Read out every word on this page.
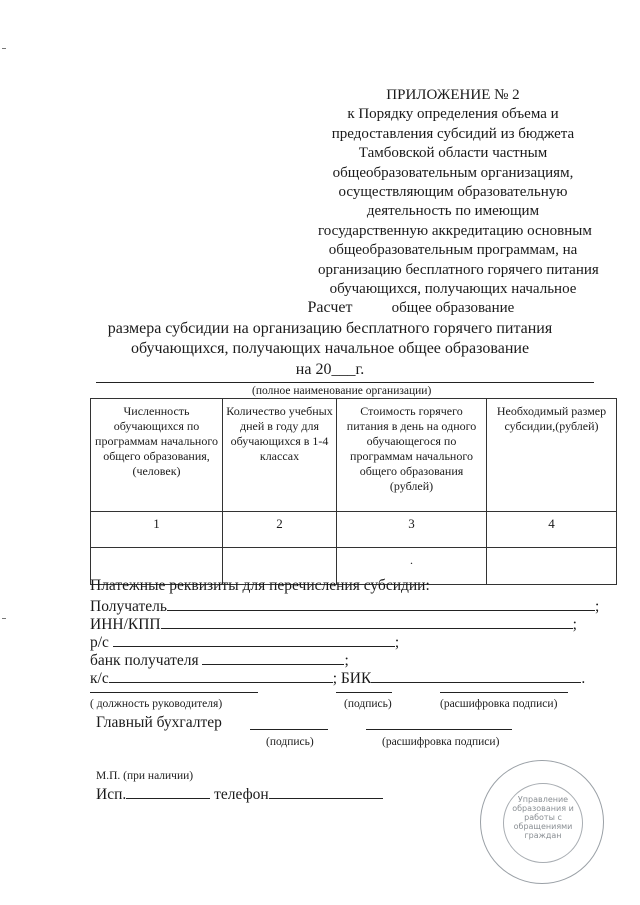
ПРИЛОЖЕНИЕ № 2
к Порядку определения объема и
предоставления субсидий из бюджета
Тамбовской области частным
общеобразовательным организациям,
осуществляющим образовательную
деятельность по имеющим
государственную аккредитацию основным
общеобразовательным программам, на
организацию бесплатного горячего питания
обучающихся, получающих начальное
общее образование
Расчет
размера субсидии на организацию бесплатного горячего питания
обучающихся, получающих начальное общее образование
на 20___г.
(полное наименование организации)
Численность обучающихся по программам начального общего образования, (человек)	Количество учебных дней в году для обучающихся в 1-4 классах	Стоимость горячего питания в день на одного обучающегося по программам начального общего образования (рублей)	Необходимый размер субсидии,(рублей)
1	2	3	4
		.	
Платежные реквизиты для перечисления субсидии:
Получатель	;
ИНН/КПП	;
р/с	;
банк получателя	;
к/с	; БИК	.
( должность руководителя)	(подпись)	(расшифровка подписи)
Главный бухгалтер
(подпись)	(расшифровка подписи)
М.П. (при наличии)
Исп.	телефон	Управление образования и работы с обращениями граждан
